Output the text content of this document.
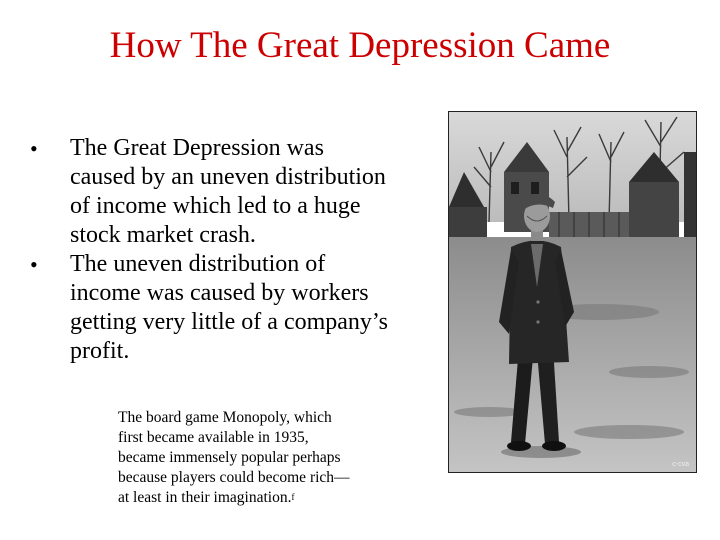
How The Great Depression Came
•	The Great Depression was
caused by an uneven distribution
of income which led to a huge
stock market crash.
•	The uneven distribution of
income was caused by workers
getting very little of a company’s
profit.
The board game Monopoly, which
first became available in 1935,
became immensely popular perhaps
because players could become rich—
at least in their imagination.$^f$
c-cva
